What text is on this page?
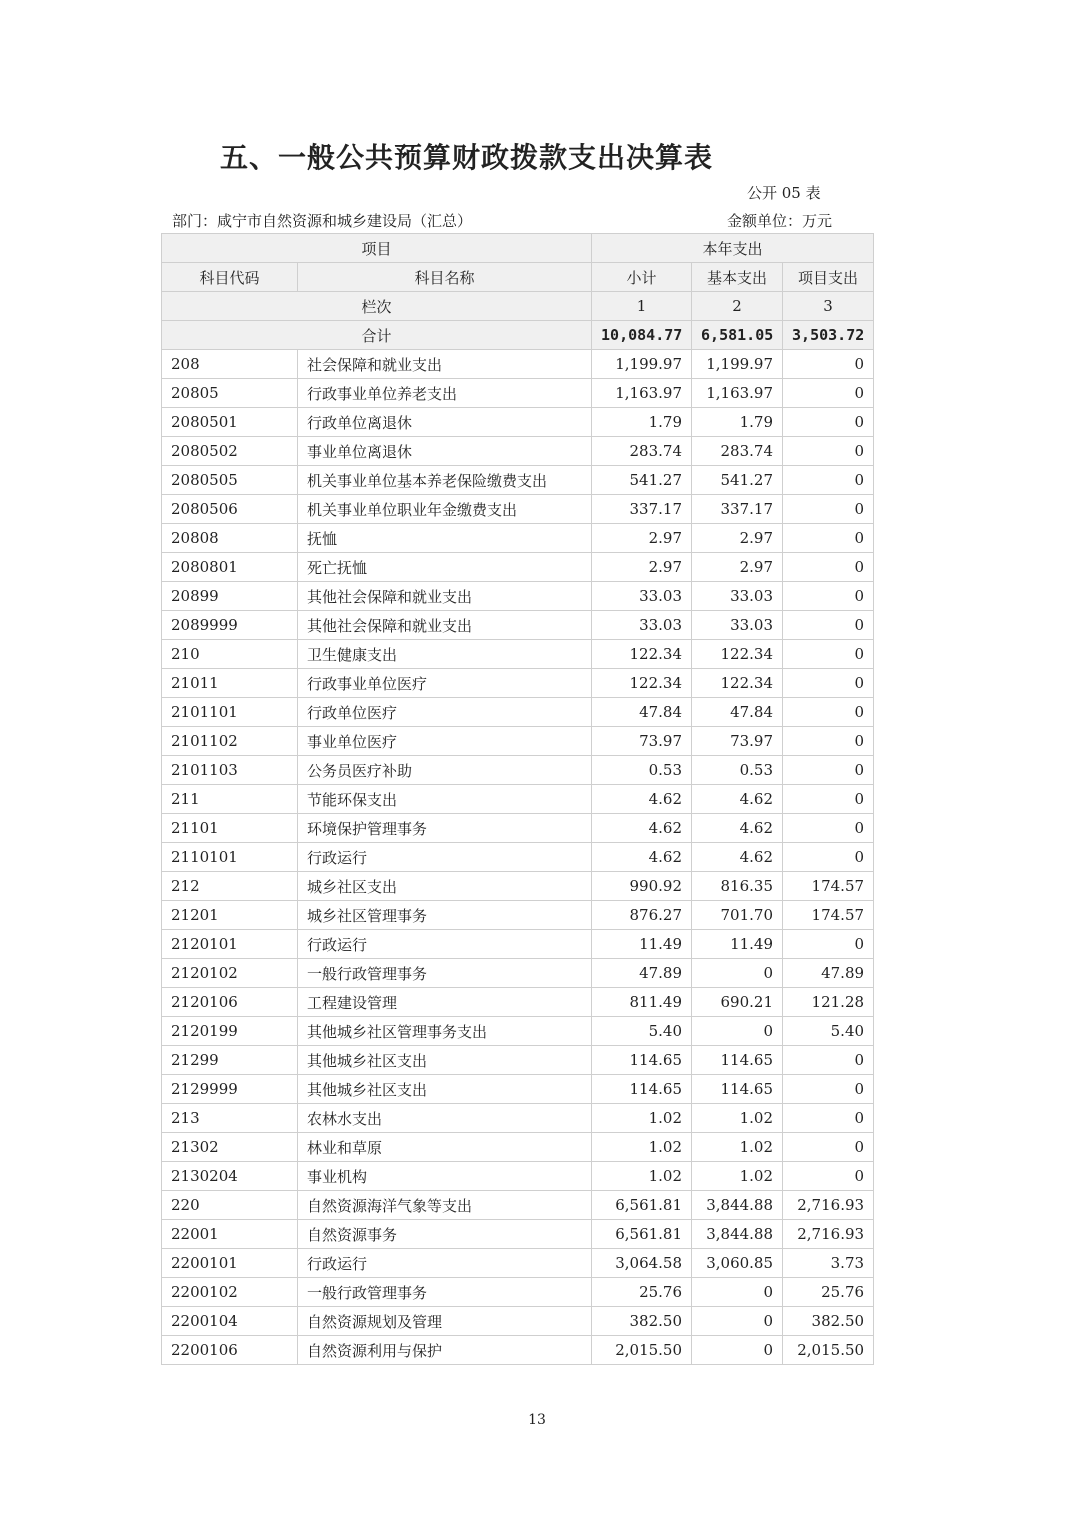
五、一般公共预算财政拨款支出决算表
公开 05 表
部门：咸宁市自然资源和城乡建设局（汇总）	金额单位：万元
项目		本年支出		
科目代码	科目名称	小计	基本支出	项目支出
栏次		1	2	3
合计		10,084.77	6,581.05	3,503.72
208	社会保障和就业支出	1,199.97	1,199.97	0
20805	行政事业单位养老支出	1,163.97	1,163.97	0
2080501	行政单位离退休	1.79	1.79	0
2080502	事业单位离退休	283.74	283.74	0
2080505	机关事业单位基本养老保险缴费支出	541.27	541.27	0
2080506	机关事业单位职业年金缴费支出	337.17	337.17	0
20808	抚恤	2.97	2.97	0
2080801	死亡抚恤	2.97	2.97	0
20899	其他社会保障和就业支出	33.03	33.03	0
2089999	其他社会保障和就业支出	33.03	33.03	0
210	卫生健康支出	122.34	122.34	0
21011	行政事业单位医疗	122.34	122.34	0
2101101	行政单位医疗	47.84	47.84	0
2101102	事业单位医疗	73.97	73.97	0
2101103	公务员医疗补助	0.53	0.53	0
211	节能环保支出	4.62	4.62	0
21101	环境保护管理事务	4.62	4.62	0
2110101	行政运行	4.62	4.62	0
212	城乡社区支出	990.92	816.35	174.57
21201	城乡社区管理事务	876.27	701.70	174.57
2120101	行政运行	11.49	11.49	0
2120102	一般行政管理事务	47.89	0	47.89
2120106	工程建设管理	811.49	690.21	121.28
2120199	其他城乡社区管理事务支出	5.40	0	5.40
21299	其他城乡社区支出	114.65	114.65	0
2129999	其他城乡社区支出	114.65	114.65	0
213	农林水支出	1.02	1.02	0
21302	林业和草原	1.02	1.02	0
2130204	事业机构	1.02	1.02	0
220	自然资源海洋气象等支出	6,561.81	3,844.88	2,716.93
22001	自然资源事务	6,561.81	3,844.88	2,716.93
2200101	行政运行	3,064.58	3,060.85	3.73
2200102	一般行政管理事务	25.76	0	25.76
2200104	自然资源规划及管理	382.50	0	382.50
2200106	自然资源利用与保护	2,015.50	0	2,015.50
13
